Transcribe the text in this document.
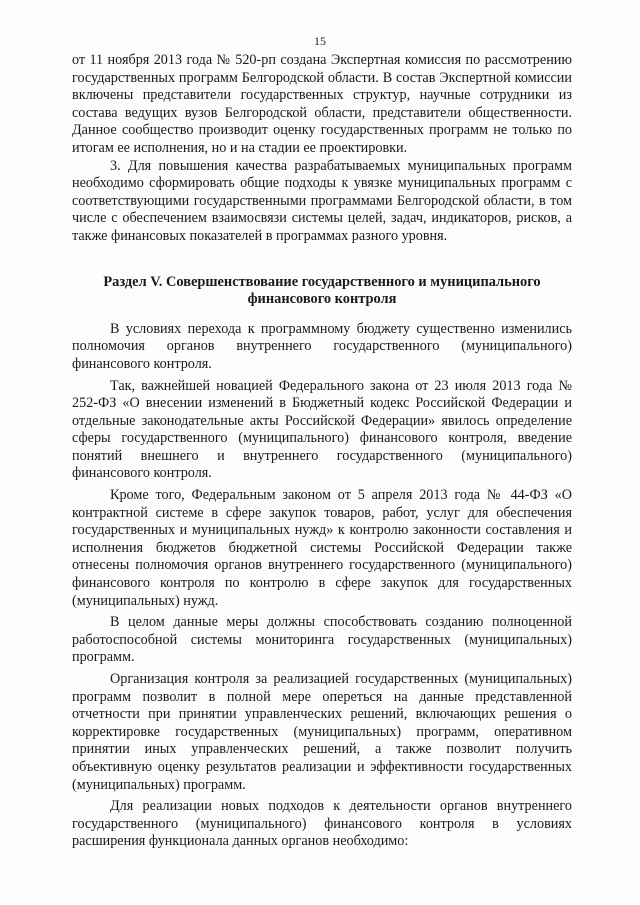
15

от 11 ноября 2013 года № 520-рп создана Экспертная комиссия по рассмотрению государственных программ Белгородской области. В состав Экспертной комиссии включены представители государственных структур, научные сотрудники из состава ведущих вузов Белгородской области, представители общественности. Данное сообщество производит оценку государственных программ не только по итогам ее исполнения, но и на стадии ее проектировки.

3. Для повышения качества разрабатываемых муниципальных программ необходимо сформировать общие подходы к увязке муниципальных программ с соответствующими государственными программами Белгородской области, в том числе с обеспечением взаимосвязи системы целей, задач, индикаторов, рисков, а также финансовых показателей в программах разного уровня.

Раздел V. Совершенствование государственного и муниципального
финансового контроля

В условиях перехода к программному бюджету существенно изменились полномочия органов внутреннего государственного (муниципального) финансового контроля.

Так, важнейшей новацией Федерального закона от 23 июля 2013 года № 252-ФЗ «О внесении изменений в Бюджетный кодекс Российской Федерации и отдельные законодательные акты Российской Федерации» явилось определение сферы государственного (муниципального) финансового контроля, введение понятий внешнего и внутреннего государственного (муниципального) финансового контроля.

Кроме того, Федеральным законом от 5 апреля 2013 года № 44-ФЗ «О контрактной системе в сфере закупок товаров, работ, услуг для обеспечения государственных и муниципальных нужд» к контролю законности составления и исполнения бюджетов бюджетной системы Российской Федерации также отнесены полномочия органов внутреннего государственного (муниципального) финансового контроля по контролю в сфере закупок для государственных (муниципальных) нужд.

В целом данные меры должны способствовать созданию полноценной работоспособной системы мониторинга государственных (муниципальных) программ.

Организация контроля за реализацией государственных (муниципальных) программ позволит в полной мере опереться на данные представленной отчетности при принятии управленческих решений, включающих решения о корректировке государственных (муниципальных) программ, оперативном принятии иных управленческих решений, а также позволит получить объективную оценку результатов реализации и эффективности государственных (муниципальных) программ.

Для реализации новых подходов к деятельности органов внутреннего государственного (муниципального) финансового контроля в условиях расширения функционала данных органов необходимо:
